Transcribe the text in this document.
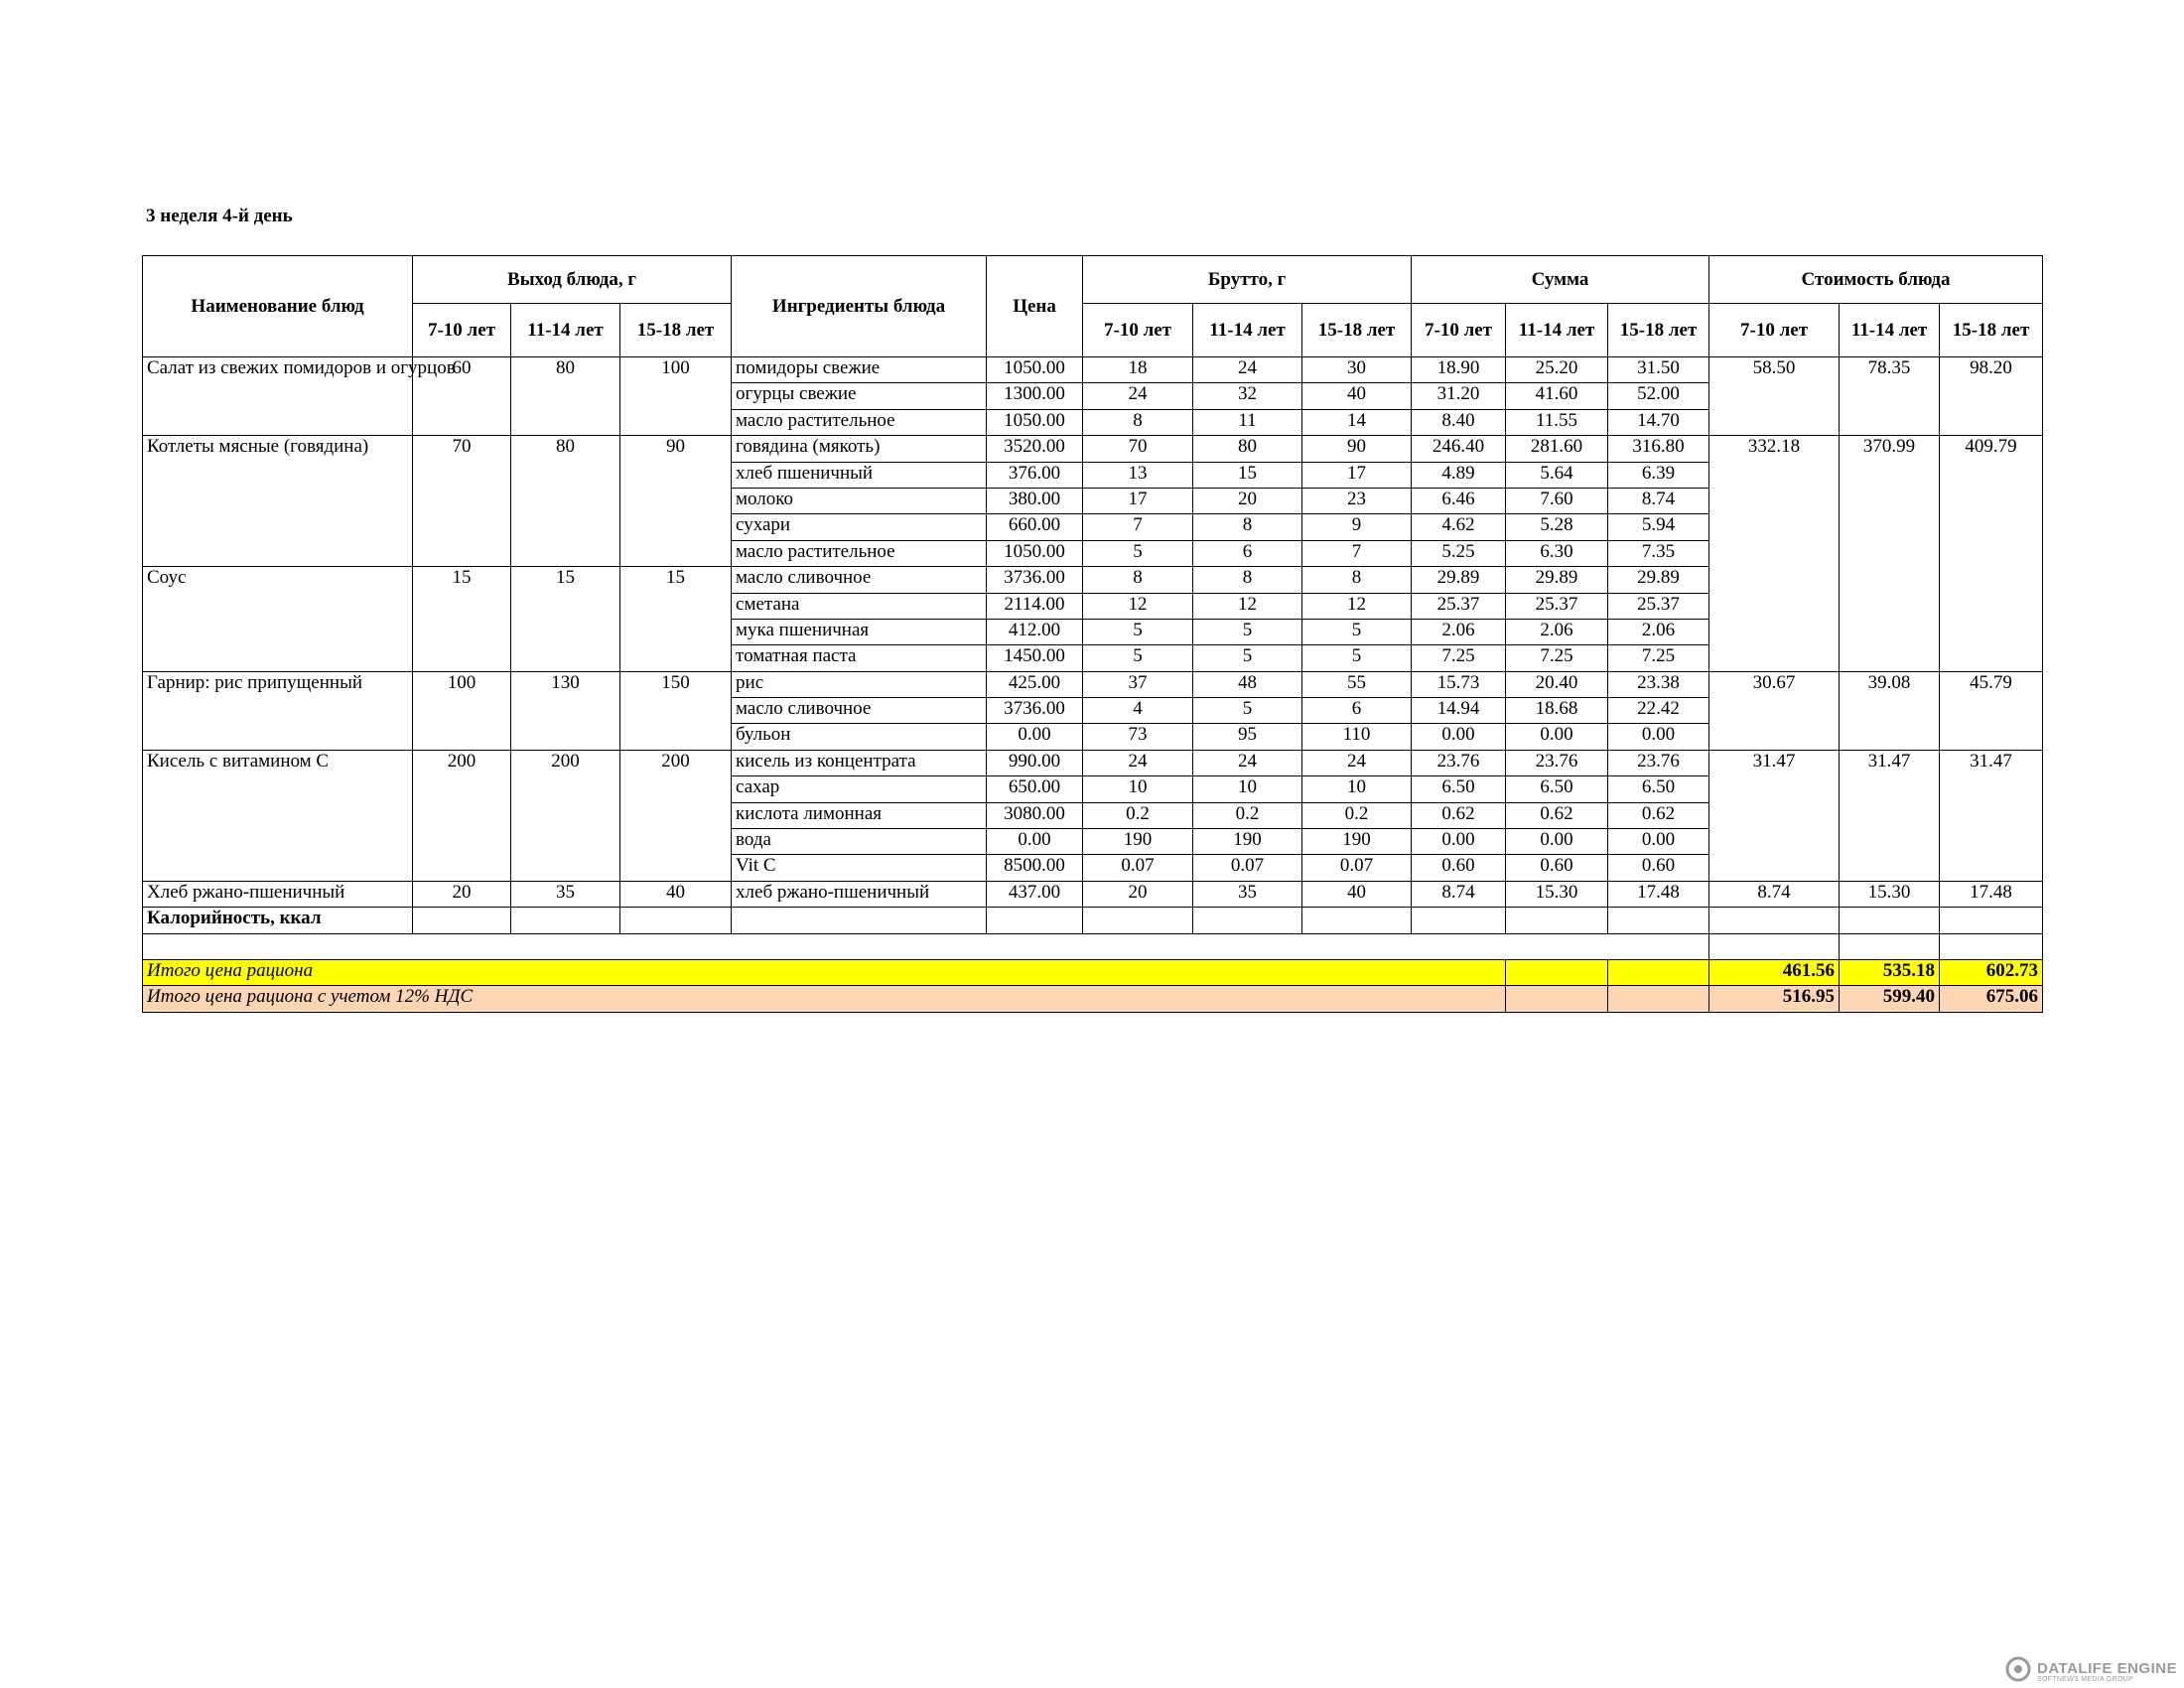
3 неделя 4-й день
Наименование блюд	Выход блюда, г			Ингредиенты блюда	Цена	Брутто, г			Сумма			Стоимость блюда		
	7-10 лет	11-14 лет	15-18 лет			7-10 лет	11-14 лет	15-18 лет	7-10 лет	11-14 лет	15-18 лет	7-10 лет	11-14 лет	15-18 лет
Салат из свежих помидоров и огурцов	60	80	100	помидоры свежие	1050.00	18	24	30	18.90	25.20	31.50	58.50	78.35	98.20
				огурцы свежие	1300.00	24	32	40	31.20	41.60	52.00			
				масло растительное	1050.00	8	11	14	8.40	11.55	14.70			
Котлеты мясные (говядина)	70	80	90	говядина (мякоть)	3520.00	70	80	90	246.40	281.60	316.80	332.18	370.99	409.79
				хлеб пшеничный	376.00	13	15	17	4.89	5.64	6.39			
				молоко	380.00	17	20	23	6.46	7.60	8.74			
				сухари	660.00	7	8	9	4.62	5.28	5.94			
				масло растительное	1050.00	5	6	7	5.25	6.30	7.35			
Соус	15	15	15	масло сливочное	3736.00	8	8	8	29.89	29.89	29.89			
				сметана	2114.00	12	12	12	25.37	25.37	25.37			
				мука пшеничная	412.00	5	5	5	2.06	2.06	2.06			
				томатная паста	1450.00	5	5	5	7.25	7.25	7.25			
Гарнир: рис припущенный	100	130	150	рис	425.00	37	48	55	15.73	20.40	23.38	30.67	39.08	45.79
				масло сливочное	3736.00	4	5	6	14.94	18.68	22.42			
				бульон	0.00	73	95	110	0.00	0.00	0.00			
Кисель с витамином С	200	200	200	кисель из концентрата	990.00	24	24	24	23.76	23.76	23.76	31.47	31.47	31.47
				сахар	650.00	10	10	10	6.50	6.50	6.50			
				кислота лимонная	3080.00	0.2	0.2	0.2	0.62	0.62	0.62			
				вода	0.00	190	190	190	0.00	0.00	0.00			
				Vit C	8500.00	0.07	0.07	0.07	0.60	0.60	0.60			
Хлеб ржано-пшеничный	20	35	40	хлеб ржано-пшеничный	437.00	20	35	40	8.74	15.30	17.48	8.74	15.30	17.48
Калорийность, ккал														

Итого цена рациона												461.56	535.18	602.73
Итого цена рациона с учетом 12% НДС												516.95	599.40	675.06
DATALIFE ENGINE
SOFTNEWS MEDIA GROUP
